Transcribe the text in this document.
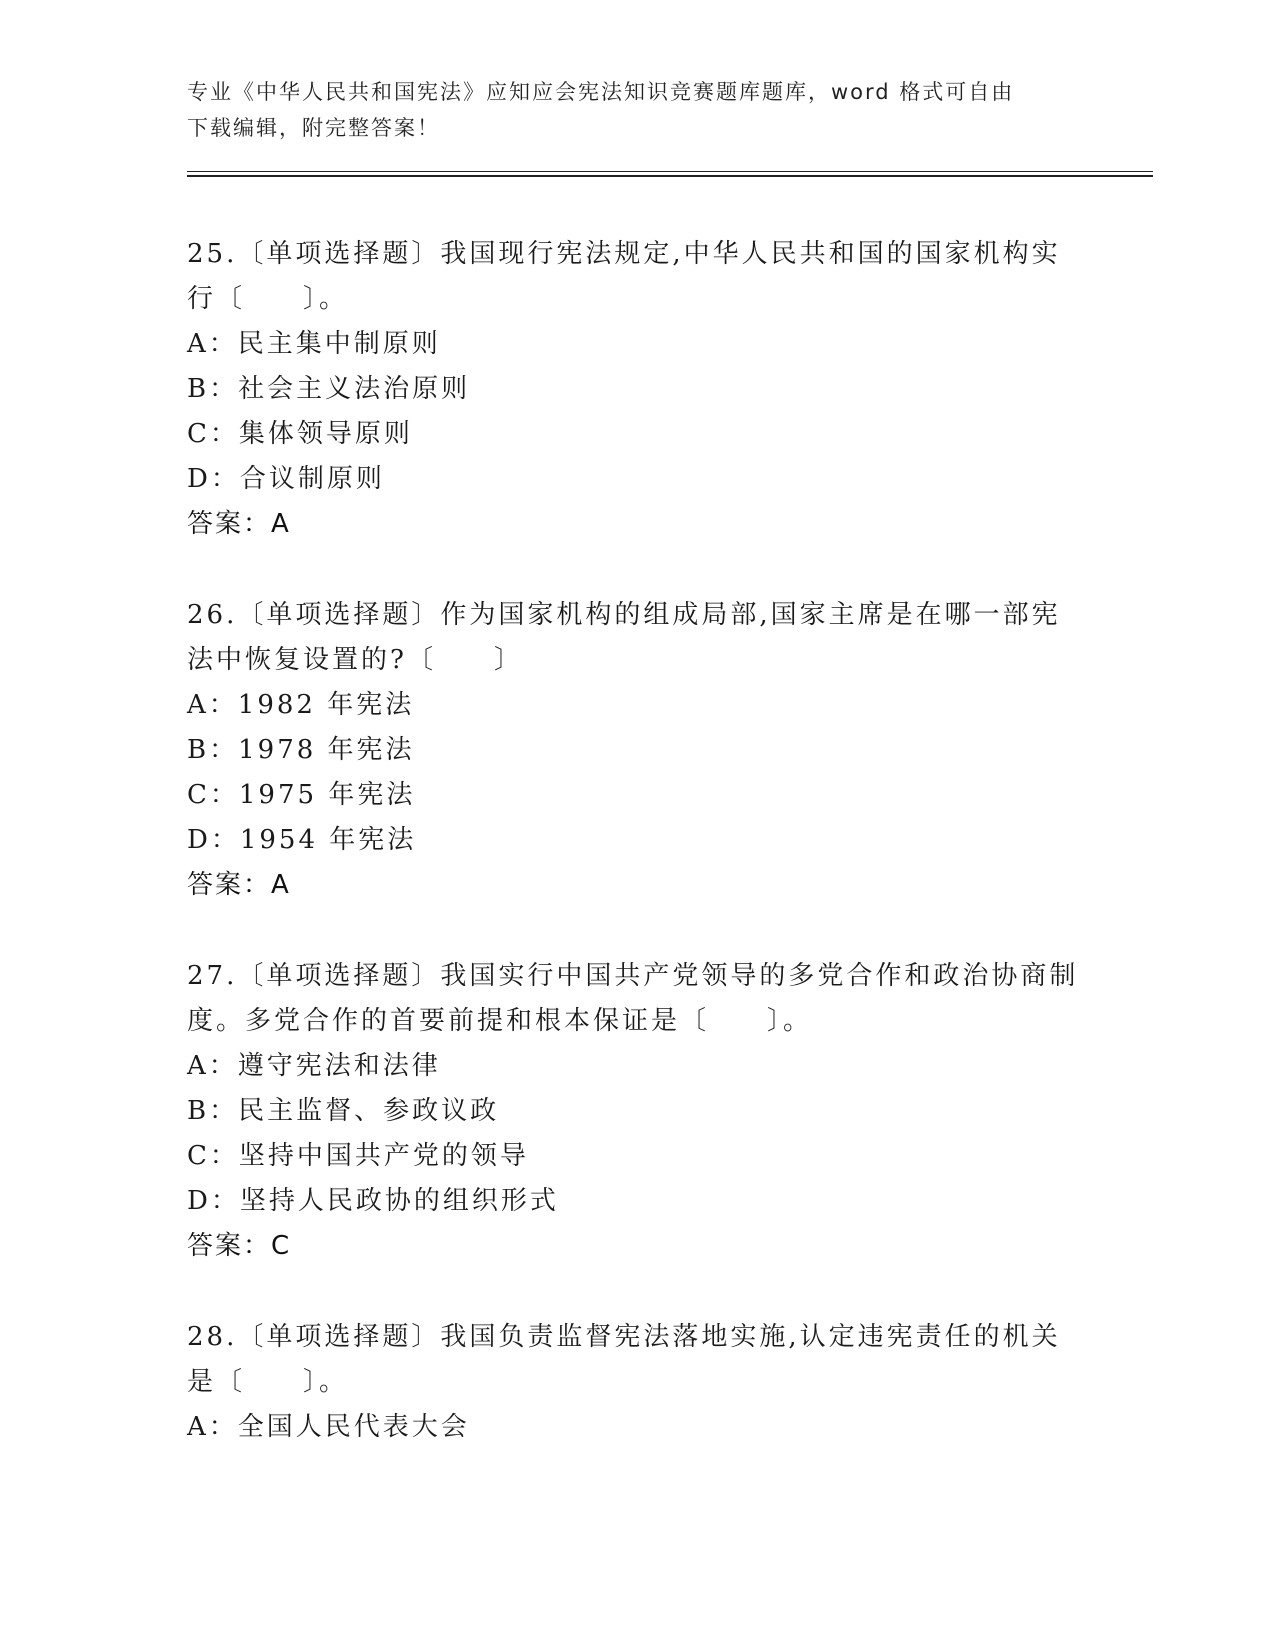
专业《中华人民共和国宪法》应知应会宪法知识竞赛题库题库，word 格式可自由
下载编辑，附完整答案！
25.〔单项选择题〕我国现行宪法规定,中华人民共和国的国家机构实
行〔　　〕。
A：民主集中制原则
B：社会主义法治原则
C：集体领导原则
D：合议制原则
答案：A
26.〔单项选择题〕作为国家机构的组成局部,国家主席是在哪一部宪
法中恢复设置的?〔　　〕
A：1982 年宪法
B：1978 年宪法
C：1975 年宪法
D：1954 年宪法
答案：A
27.〔单项选择题〕我国实行中国共产党领导的多党合作和政治协商制
度。多党合作的首要前提和根本保证是〔　　〕。
A：遵守宪法和法律
B：民主监督、参政议政
C：坚持中国共产党的领导
D：坚持人民政协的组织形式
答案：C
28.〔单项选择题〕我国负责监督宪法落地实施,认定违宪责任的机关
是〔　　〕。
A：全国人民代表大会
